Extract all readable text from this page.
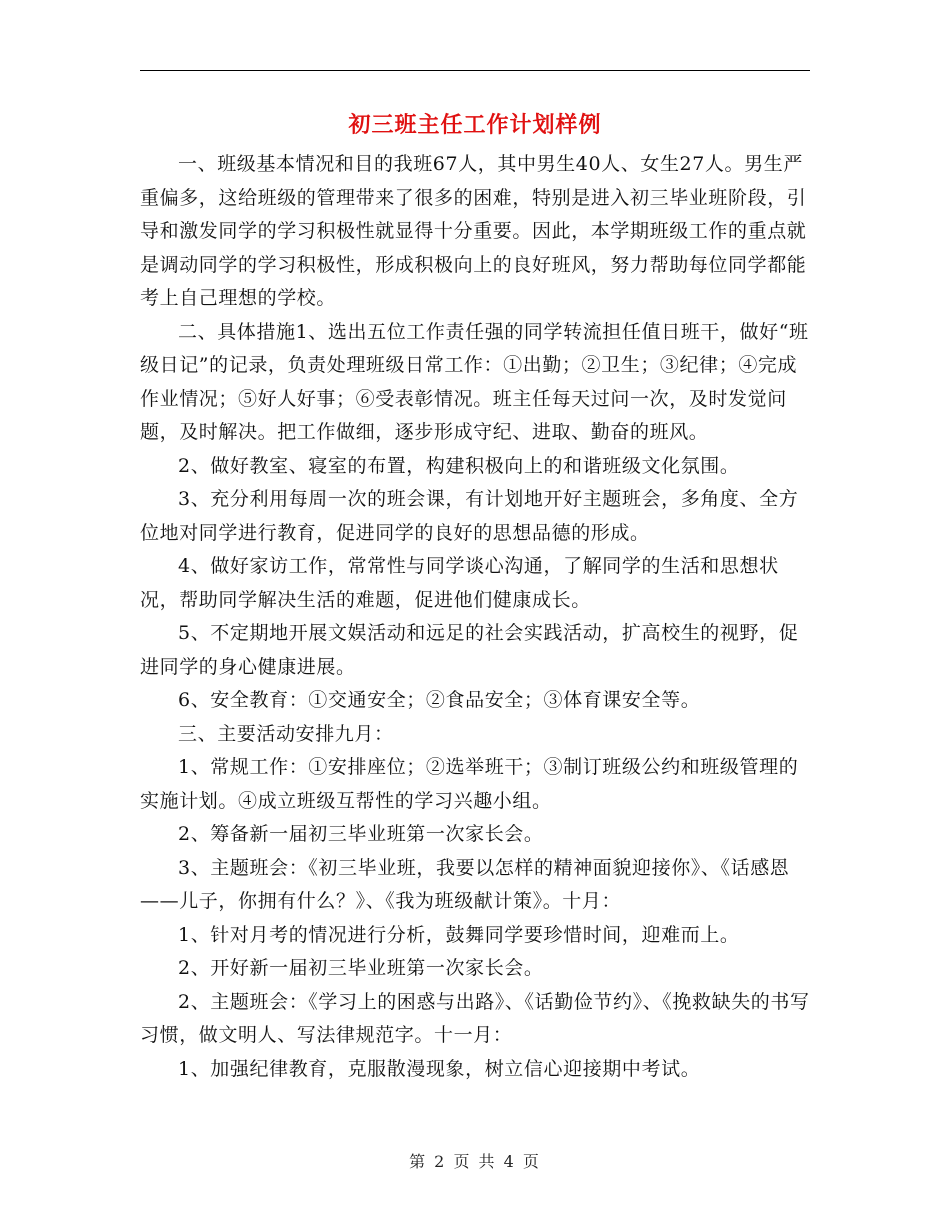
初三班主任工作计划样例

一、班级基本情况和目的我班67人，其中男生40人、女生27人。男生严重偏多，这给班级的管理带来了很多的困难，特别是进入初三毕业班阶段，引导和激发同学的学习积极性就显得十分重要。因此，本学期班级工作的重点就是调动同学的学习积极性，形成积极向上的良好班风，努力帮助每位同学都能考上自己理想的学校。

二、具体措施1、选出五位工作责任强的同学转流担任值日班干，做好“班级日记”的记录，负责处理班级日常工作：①出勤；②卫生；③纪律；④完成作业情况；⑤好人好事；⑥受表彰情况。班主任每天过问一次，及时发觉问题，及时解决。把工作做细，逐步形成守纪、进取、勤奋的班风。

2、做好教室、寝室的布置，构建积极向上的和谐班级文化氛围。

3、充分利用每周一次的班会课，有计划地开好主题班会，多角度、全方位地对同学进行教育，促进同学的良好的思想品德的形成。

4、做好家访工作，常常性与同学谈心沟通，了解同学的生活和思想状况，帮助同学解决生活的难题，促进他们健康成长。

5、不定期地开展文娱活动和远足的社会实践活动，扩高校生的视野，促进同学的身心健康进展。

6、安全教育：①交通安全；②食品安全；③体育课安全等。

三、主要活动安排九月：

1、常规工作：①安排座位；②选举班干；③制订班级公约和班级管理的实施计划。④成立班级互帮性的学习兴趣小组。

2、筹备新一届初三毕业班第一次家长会。

3、主题班会：《初三毕业班，我要以怎样的精神面貌迎接你》、《话感恩——儿子，你拥有什么？》、《我为班级献计策》。十月：

1、针对月考的情况进行分析，鼓舞同学要珍惜时间，迎难而上。

2、开好新一届初三毕业班第一次家长会。

2、主题班会：《学习上的困惑与出路》、《话勤俭节约》、《挽救缺失的书写习惯，做文明人、写法律规范字。十一月：

1、加强纪律教育，克服散漫现象，树立信心迎接期中考试。

第 2 页 共 4 页
